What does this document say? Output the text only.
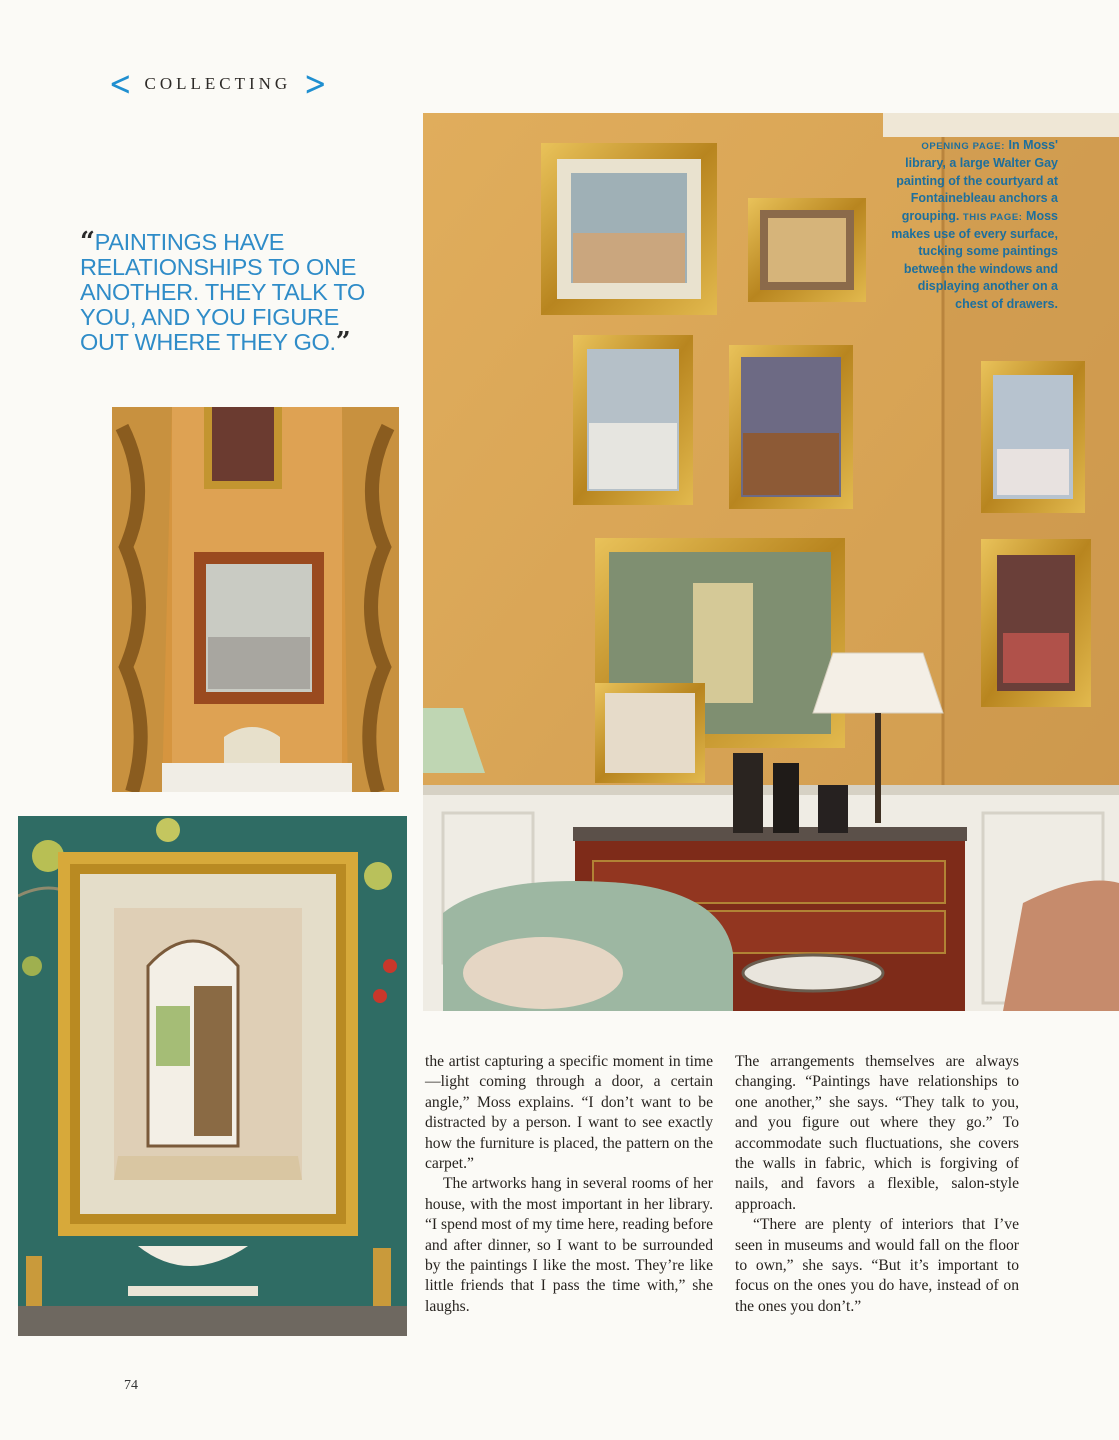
< COLLECTING >
“PAINTINGS HAVE RELATIONSHIPS TO ONE ANOTHER. THEY TALK TO YOU, AND YOU FIGURE OUT WHERE THEY GO.”
OPENING PAGE: In Moss' library, a large Walter Gay painting of the courtyard at Fontainebleau anchors a grouping. THIS PAGE: Moss makes use of every surface, tucking some paintings between the windows and displaying another on a chest of drawers.

the artist capturing a specific moment in time—light coming through a door, a certain angle,” Moss explains. “I don’t want to be distracted by a person. I want to see exactly how the furniture is placed, the pattern on the carpet.”

The artworks hang in several rooms of her house, with the most important in her library. “I spend most of my time here, reading before and after dinner, so I want to be surrounded by the paintings I like the most. They’re like little friends that I pass the time with,” she laughs.

The arrangements themselves are always changing. “Paintings have relationships to one another,” she says. “They talk to you, and you figure out where they go.” To accommodate such fluctuations, she covers the walls in fabric, which is forgiving of nails, and favors a flexible, salon-style approach.

“There are plenty of interiors that I’ve seen in museums and would fall on the floor to own,” she says. “But it’s important to focus on the ones you do have, instead of on the ones you don’t.”

74
